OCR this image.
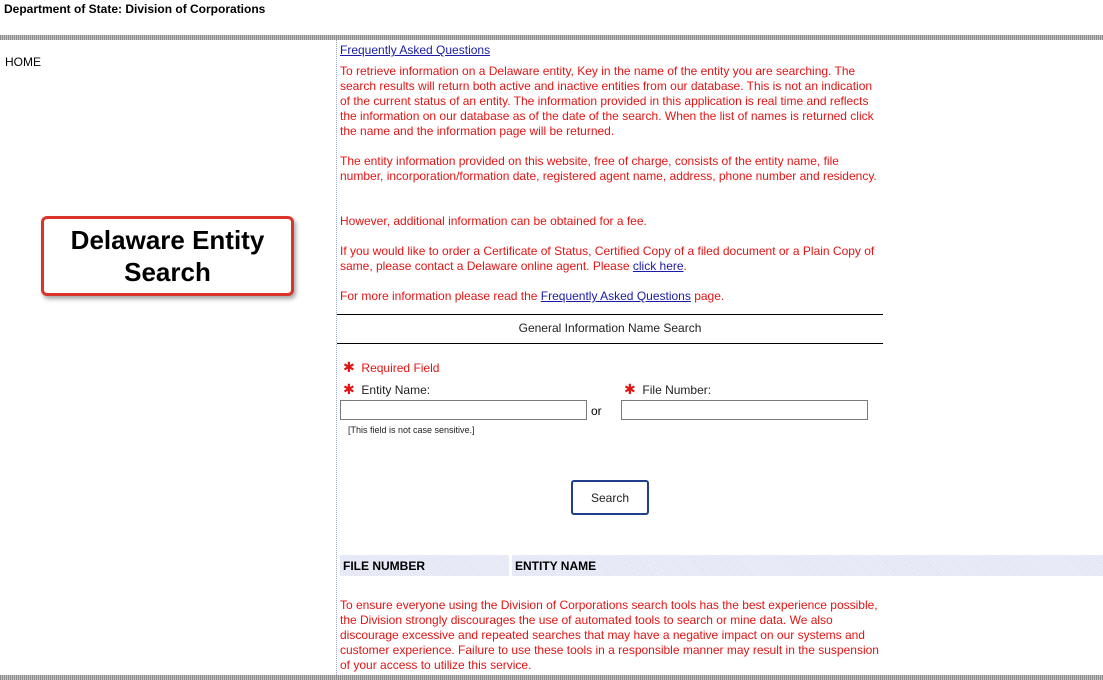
Department of State: Division of Corporations
HOME
Delaware Entity
Search
Frequently Asked Questions
To retrieve information on a Delaware entity, Key in the name of the entity you are searching. The search results will return both active and inactive entities from our database. This is not an indication of the current status of an entity. The information provided in this application is real time and reflects the information on our database as of the date of the search. When the list of names is returned click the name and the information page will be returned.
The entity information provided on this website, free of charge, consists of the entity name, file number, incorporation/formation date, registered agent name, address, phone number and residency.
However, additional information can be obtained for a fee.
If you would like to order a Certificate of Status, Certified Copy of a filed document or a Plain Copy of same, please contact a Delaware online agent. Please click here.
For more information please read the Frequently Asked Questions page.
General Information Name Search
✱ Required Field
✱ Entity Name:	✱ File Number:
or
[This field is not case sensitive.]
Search
FILE NUMBER	ENTITY NAME
To ensure everyone using the Division of Corporations search tools has the best experience possible, the Division strongly discourages the use of automated tools to search or mine data. We also discourage excessive and repeated searches that may have a negative impact on our systems and customer experience. Failure to use these tools in a responsible manner may result in the suspension of your access to utilize this service.
